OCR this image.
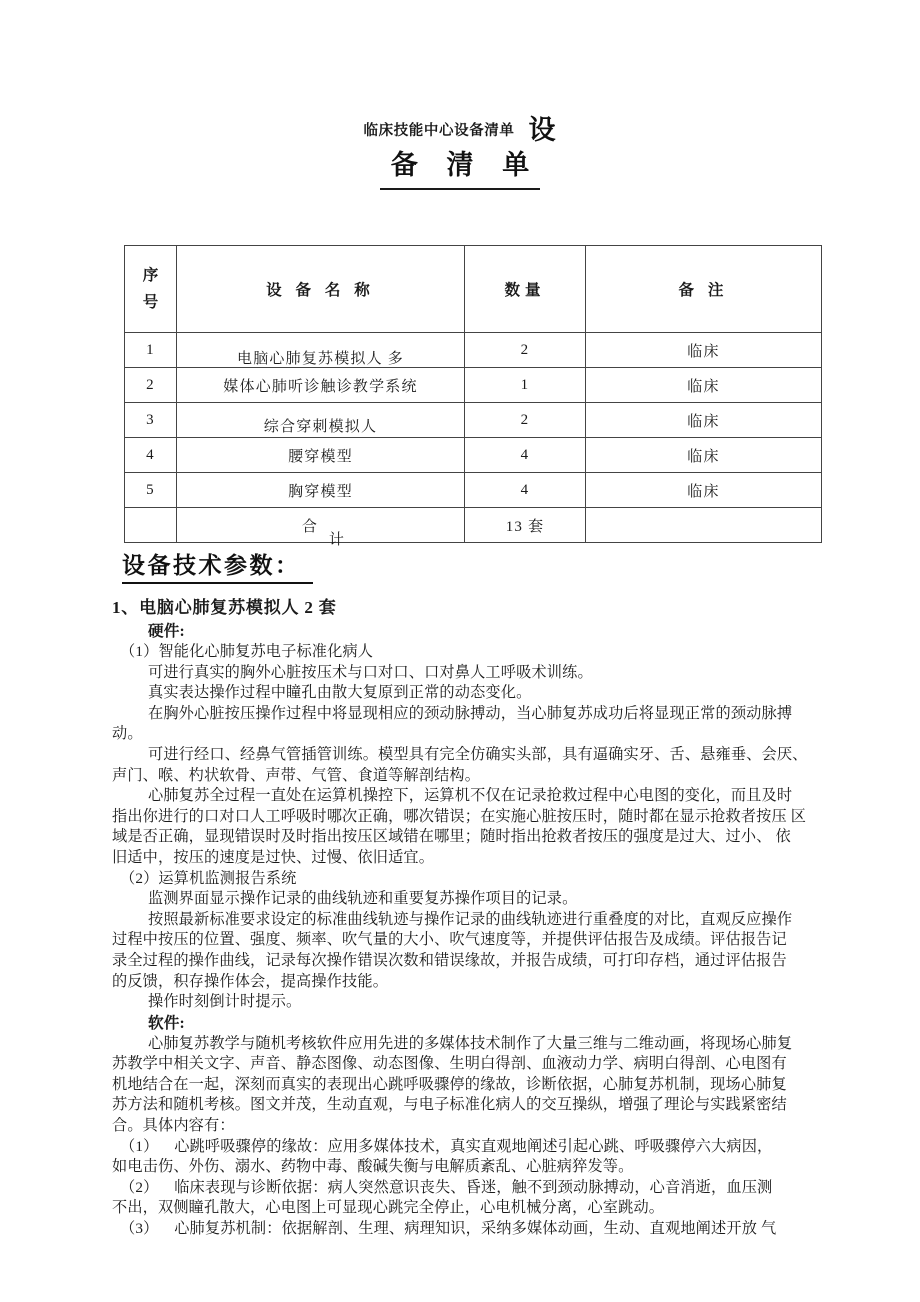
临床技能中心设备清单 设
备 清 单
序
号	设 备 名 称	数量	备 注
1	电脑心肺复苏模拟人 多	2	临床
2	媒体心肺听诊触诊教学系统	1	临床
3	综合穿刺模拟人	2	临床
4	腰穿模型	4	临床
5	胸穿模型	4	临床
	合计	13 套	
设备技术参数：

1、电脑心肺复苏模拟人 2 套

硬件:

（1）智能化心肺复苏电子标准化病人

可进行真实的胸外心脏按压术与口对口、口对鼻人工呼吸术训练。

真实表达操作过程中瞳孔由散大复原到正常的动态变化。

在胸外心脏按压操作过程中将显现相应的颈动脉搏动，当心肺复苏成功后将显现正常的颈动脉搏

动。

可进行经口、经鼻气管插管训练。模型具有完全仿确实头部，具有逼确实牙、舌、悬雍垂、会厌、

声门、喉、杓状软骨、声带、气管、食道等解剖结构。

心肺复苏全过程一直处在运算机操控下，运算机不仅在记录抢救过程中心电图的变化，而且及时

指出你进行的口对口人工呼吸时哪次正确，哪次错误；在实施心脏按压时，随时都在显示抢救者按压 区

域是否正确，显现错误时及时指出按压区域错在哪里；随时指出抢救者按压的强度是过大、过小、 依

旧适中，按压的速度是过快、过慢、依旧适宜。

（2）运算机监测报告系统

监测界面显示操作记录的曲线轨迹和重要复苏操作项目的记录。

按照最新标准要求设定的标准曲线轨迹与操作记录的曲线轨迹进行重叠度的对比，直观反应操作

过程中按压的位置、强度、频率、吹气量的大小、吹气速度等，并提供评估报告及成绩。评估报告记

录全过程的操作曲线，记录每次操作错误次数和错误缘故，并报告成绩，可打印存档，通过评估报告

的反馈，积存操作体会，提高操作技能。

操作时刻倒计时提示。

软件:

心肺复苏教学与随机考核软件应用先进的多媒体技术制作了大量三维与二维动画，将现场心肺复

苏教学中相关文字、声音、静态图像、动态图像、生明白得剖、血液动力学、病明白得剖、心电图有

机地结合在一起，深刻而真实的表现出心跳呼吸骤停的缘故，诊断依据，心肺复苏机制，现场心肺复

苏方法和随机考核。图文并茂，生动直观，与电子标准化病人的交互操纵，增强了理论与实践紧密结

合。具体内容有：

（1）    心跳呼吸骤停的缘故：应用多媒体技术，真实直观地阐述引起心跳、呼吸骤停六大病因，

如电击伤、外伤、溺水、药物中毒、酸碱失衡与电解质紊乱、心脏病猝发等。

（2）    临床表现与诊断依据：病人突然意识丧失、昏迷，触不到颈动脉搏动，心音消逝，血压测

不出，双侧瞳孔散大，心电图上可显现心跳完全停止，心电机械分离，心室跳动。

（3）    心肺复苏机制：依据解剖、生理、病理知识，采纳多媒体动画，生动、直观地阐述开放 气
